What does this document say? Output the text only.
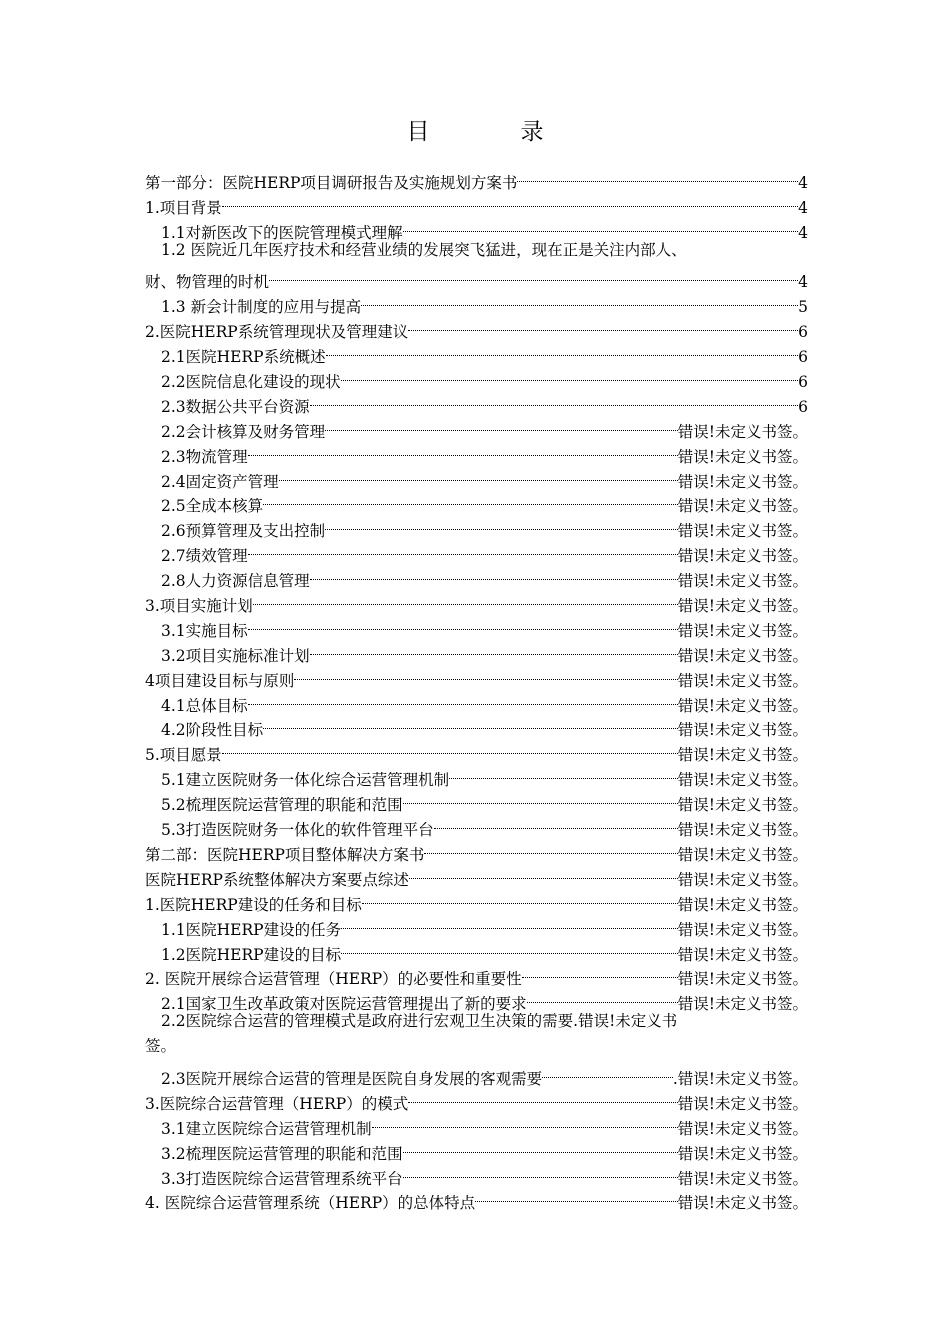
目　录
第一部分：医院HERP项目调研报告及实施规划方案书	4
1.项目背景	4
1.1对新医改下的医院管理模式理解	4
1.2 医院近几年医疗技术和经营业绩的发展突飞猛进，现在正是关注内部人、
财、物管理的时机	4
1.3 新会计制度的应用与提高	5
2.医院HERP系统管理现状及管理建议	6
2.1医院HERP系统概述	6
2.2医院信息化建设的现状	6
2.3数据公共平台资源	6
2.2会计核算及财务管理	错误!未定义书签。
2.3物流管理	错误!未定义书签。
2.4固定资产管理	错误!未定义书签。
2.5全成本核算	错误!未定义书签。
2.6预算管理及支出控制	错误!未定义书签。
2.7绩效管理	错误!未定义书签。
2.8人力资源信息管理	错误!未定义书签。
3.项目实施计划	错误!未定义书签。
3.1实施目标	错误!未定义书签。
3.2项目实施标准计划	错误!未定义书签。
4项目建设目标与原则	错误!未定义书签。
4.1总体目标	错误!未定义书签。
4.2阶段性目标	错误!未定义书签。
5.项目愿景	错误!未定义书签。
5.1建立医院财务一体化综合运营管理机制	错误!未定义书签。
5.2梳理医院运营管理的职能和范围	错误!未定义书签。
5.3打造医院财务一体化的软件管理平台	错误!未定义书签。
第二部：医院HERP项目整体解决方案书	错误!未定义书签。
医院HERP系统整体解决方案要点综述	错误!未定义书签。
1.医院HERP建设的任务和目标	错误!未定义书签。
1.1医院HERP建设的任务	错误!未定义书签。
1.2医院HERP建设的目标	错误!未定义书签。
2. 医院开展综合运营管理（HERP）的必要性和重要性	错误!未定义书签。
2.1国家卫生改革政策对医院运营管理提出了新的要求	错误!未定义书签。
2.2医院综合运营的管理模式是政府进行宏观卫生决策的需要.错误!未定义书
签。
2.3医院开展综合运营的管理是医院自身发展的客观需要	.错误!未定义书签。
3.医院综合运营管理（HERP）的模式	错误!未定义书签。
3.1建立医院综合运营管理机制	错误!未定义书签。
3.2梳理医院运营管理的职能和范围	错误!未定义书签。
3.3打造医院综合运营管理系统平台	错误!未定义书签。
4. 医院综合运营管理系统（HERP）的总体特点	错误!未定义书签。
